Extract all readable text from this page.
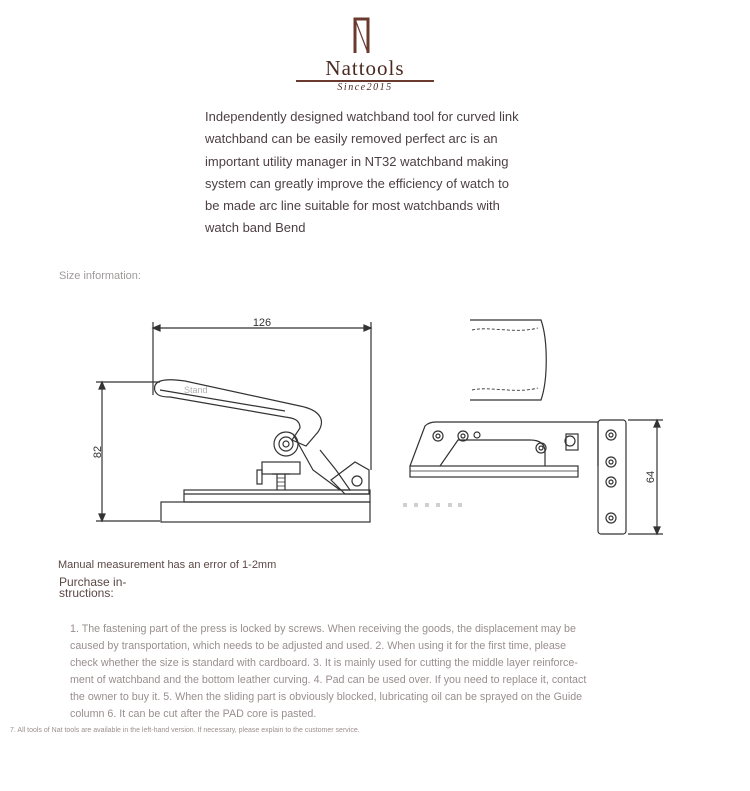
Nattools
Since2015
Independently designed watchband tool for curved link
watchband can be easily removed perfect arc is an
important utility manager in NT32 watchband making
system can greatly improve the efficiency of watch to
be made arc line suitable for most watchbands with
watch band Bend
Size information:
126
82
Stand
64
Manual measurement has an error of 1-2mm
Purchase in-
structions:
1. The fastening part of the press is locked by screws. When receiving the goods, the displacement may be
caused by transportation, which needs to be adjusted and used. 2. When using it for the first time, please
check whether the size is standard with cardboard. 3. It is mainly used for cutting the middle layer reinforce-
ment of watchband and the bottom leather curving. 4. Pad can be used over. If you need to replace it, contact
the owner to buy it. 5. When the sliding part is obviously blocked, lubricating oil can be sprayed on the Guide
column 6. It can be cut after the PAD core is pasted.
7. All tools of Nat tools are available in the left-hand version. If necessary, please explain to the customer service.
